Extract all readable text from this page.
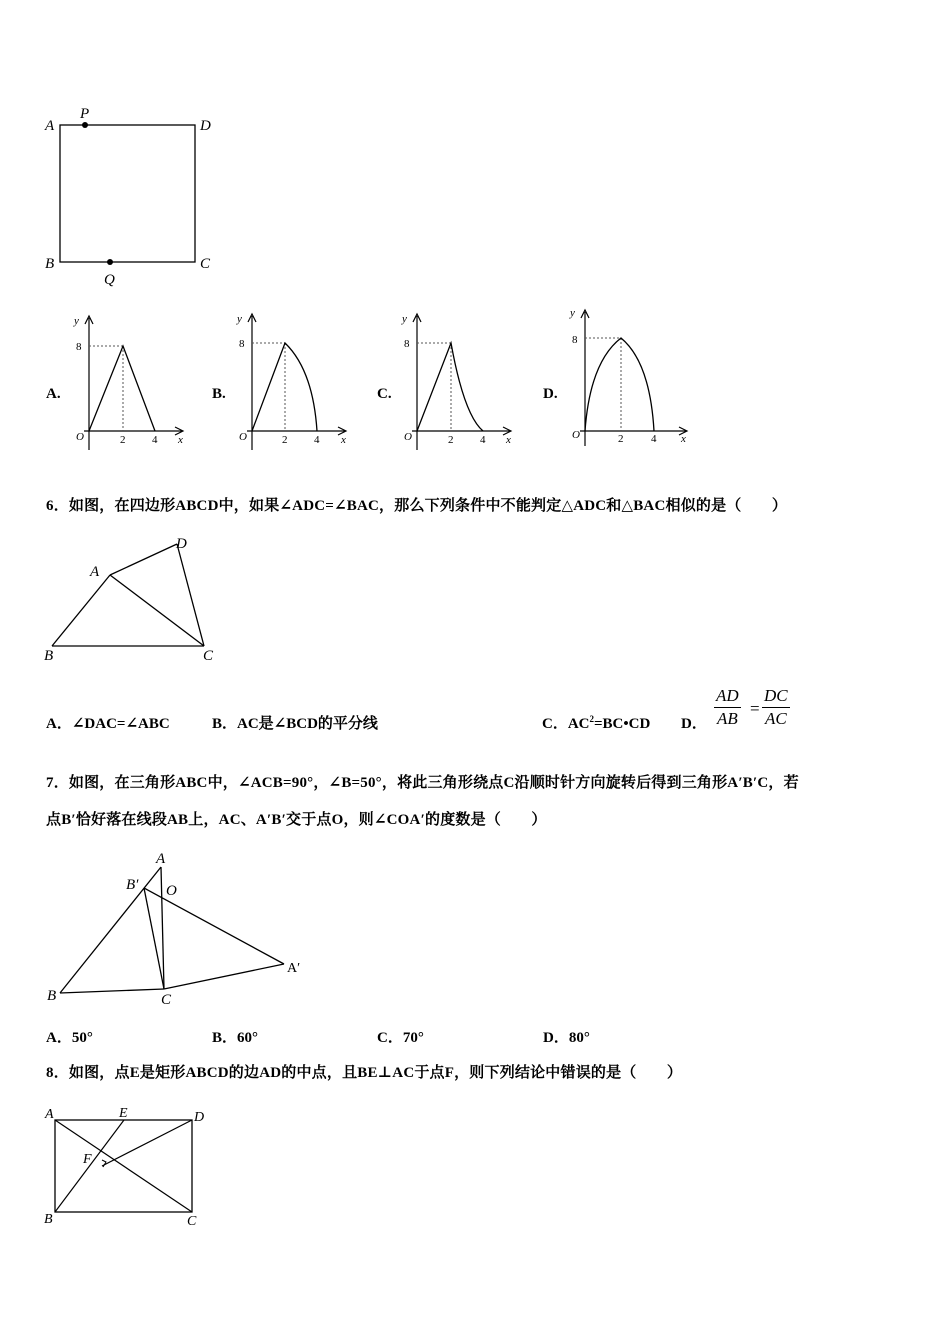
A
P
D
B
Q
C
A.
y
8
O	2 4 x
B.
y
8
O	2 4 x
C.
y
8
O	2 4 x
D.
y
8
O	2	4 x
6．如图，在四边形ABCD中，如果∠ADC=∠BAC，那么下列条件中不能判定△ADC和△BAC相似的是（　　）
A
B	C
D
A．∠DAC=∠ABC	B．AC是∠BCD的平分线	C．$AC^2=BC•CD$ D．
AD
AB
=
DC
AC
7．如图，在三角形ABC中，∠ACB=90°，∠B=50°，将此三角形绕点C沿顺时针方向旋转后得到三角形A′B′C，若
点B′恰好落在线段AB上，AC、A′B′交于点O，则∠COA′的度数是（　　）
A
B′ O
A′
B	C
A．50°	B．60°	C．70°	D．80°
8．如图，点E是矩形ABCD的边AD的中点，且BE⊥AC于点F，则下列结论中错误的是（　　）
A	E	D
F
B	C
